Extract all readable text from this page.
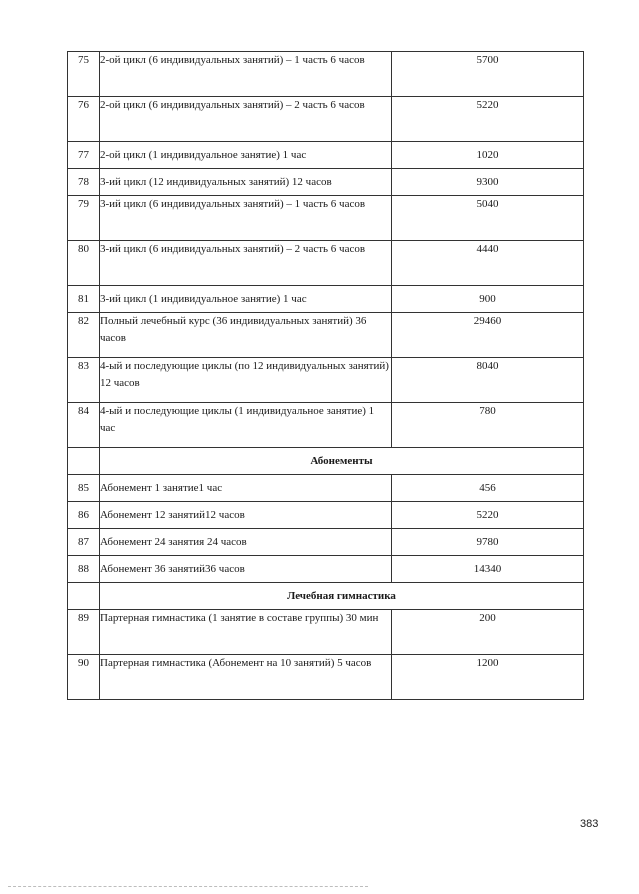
75	2-ой цикл (6 индивидуальных занятий) – 1 часть 6 часов	5700
76	2-ой цикл (6 индивидуальных занятий) – 2 часть 6 часов	5220
77	2-ой цикл (1 индивидуальное занятие) 1 час	1020
78	3-ий цикл (12 индивидуальных занятий) 12 часов	9300
79	3-ий цикл (6 индивидуальных занятий) – 1 часть 6 часов	5040
80	3-ий цикл (6 индивидуальных занятий) – 2 часть 6 часов	4440
81	3-ий цикл (1 индивидуальное занятие) 1 час	900
82	Полный лечебный курс (36 индивидуальных занятий) 36 часов	29460
83	4-ый и последующие циклы (по 12 индивидуальных занятий) 12 часов	8040
84	4-ый и последующие циклы (1 индивидуальное занятие) 1 час	780
	Абонементы	
85	Абонемент 1 занятие1 час	456
86	Абонемент 12 занятий12 часов	5220
87	Абонемент 24 занятия 24 часов	9780
88	Абонемент 36 занятий36 часов	14340
	Лечебная гимнастика	
89	Партерная гимнастика (1 занятие в составе группы) 30 мин	200
90	Партерная гимнастика (Абонемент на 10 занятий) 5 часов	1200
383
